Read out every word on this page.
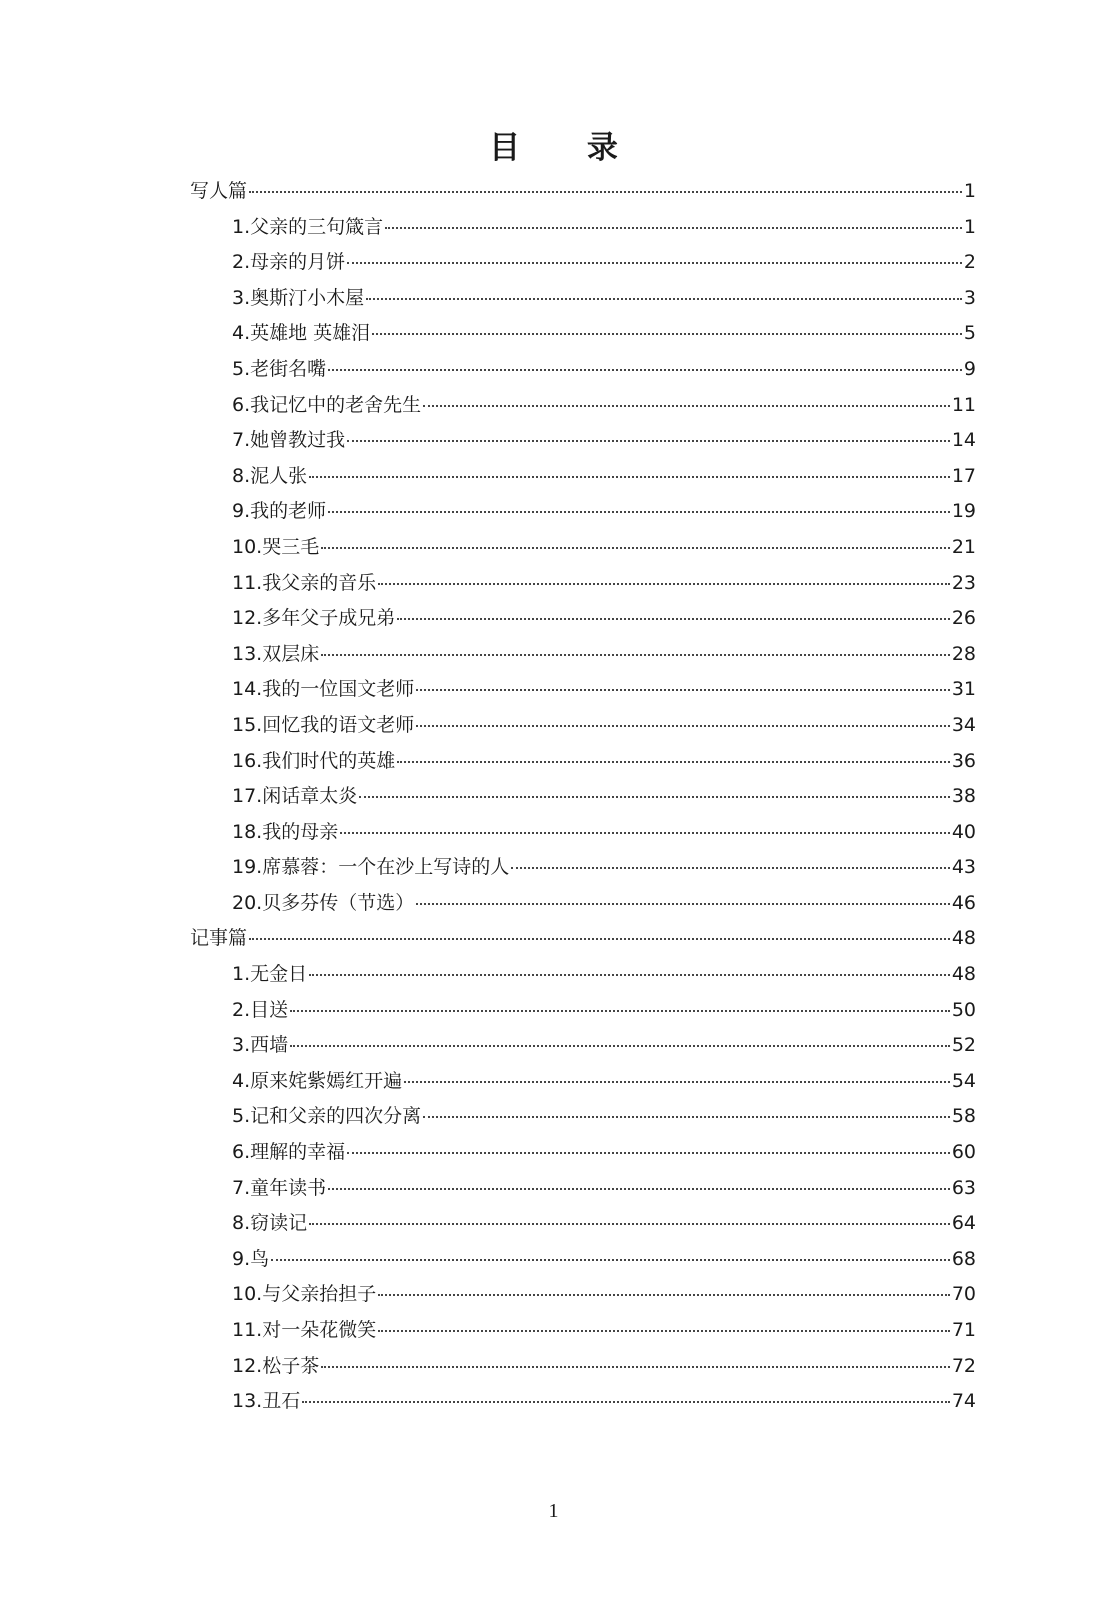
目 录
写人篇	1
1.父亲的三句箴言	1
2.母亲的月饼	2
3.奥斯汀小木屋	3
4.英雄地 英雄泪	5
5.老街名嘴	9
6.我记忆中的老舍先生	11
7.她曾教过我	14
8.泥人张	17
9.我的老师	19
10.哭三毛	21
11.我父亲的音乐	23
12.多年父子成兄弟	26
13.双层床	28
14.我的一位国文老师	31
15.回忆我的语文老师	34
16.我们时代的英雄	36
17.闲话章太炎	38
18.我的母亲	40
19.席慕蓉：一个在沙上写诗的人	43
20.贝多芬传（节选）	46
记事篇	48
1.无金日	48
2.目送	50
3.西墙	52
4.原来姹紫嫣红开遍	54
5.记和父亲的四次分离	58
6.理解的幸福	60
7.童年读书	63
8.窃读记	64
9.鸟	68
10.与父亲抬担子	70
11.对一朵花微笑	71
12.松子茶	72
13.丑石	74
1
